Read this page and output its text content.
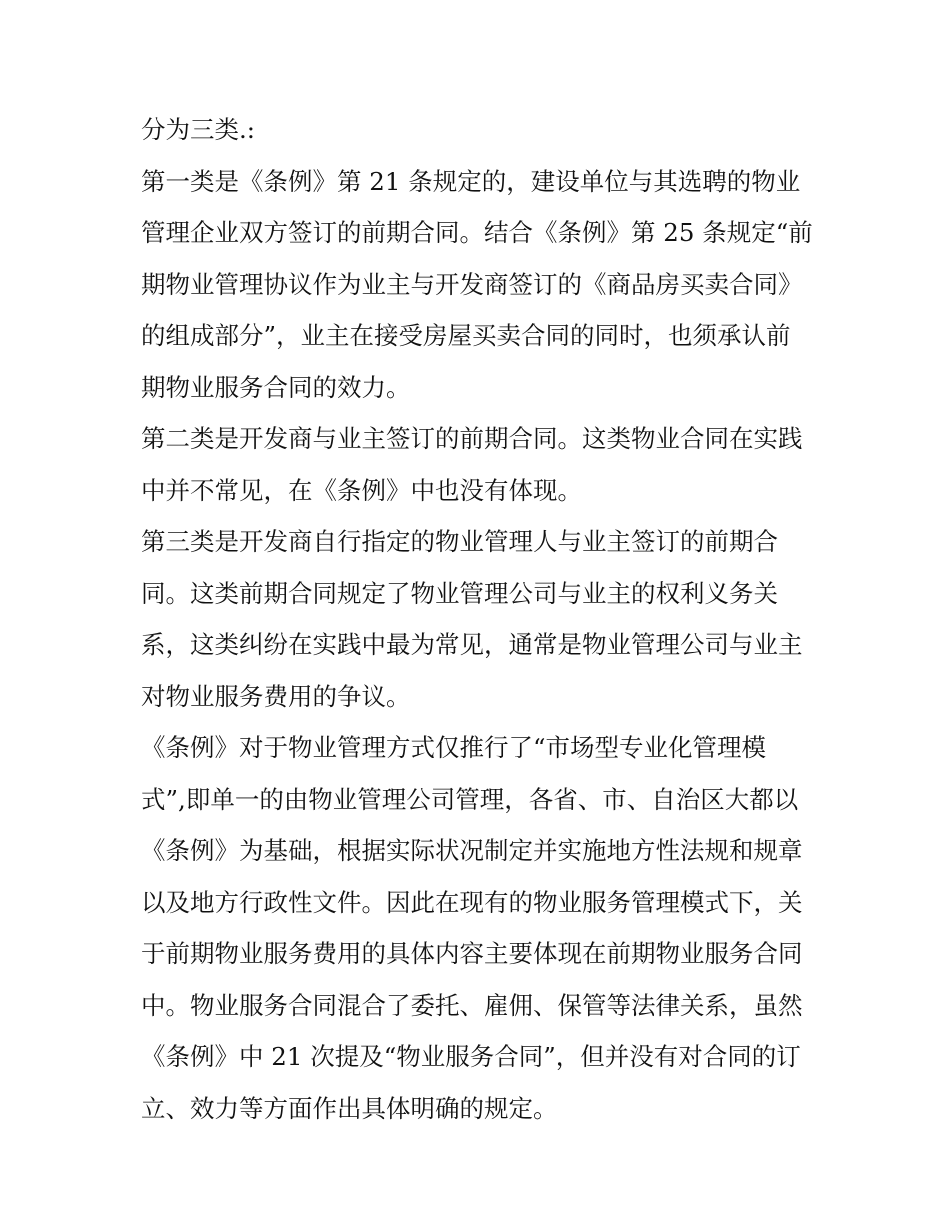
分为三类.:
第一类是《条例》第 21 条规定的，建设单位与其选聘的物业
管理企业双方签订的前期合同。结合《条例》第 25 条规定“前
期物业管理协议作为业主与开发商签订的《商品房买卖合同》
的组成部分”，业主在接受房屋买卖合同的同时，也须承认前
期物业服务合同的效力。
第二类是开发商与业主签订的前期合同。这类物业合同在实践
中并不常见，在《条例》中也没有体现。
第三类是开发商自行指定的物业管理人与业主签订的前期合
同。这类前期合同规定了物业管理公司与业主的权利义务关
系，这类纠纷在实践中最为常见，通常是物业管理公司与业主
对物业服务费用的争议。
《条例》对于物业管理方式仅推行了“市场型专业化管理模
式”,即单一的由物业管理公司管理，各省、市、自治区大都以
《条例》为基础，根据实际状况制定并实施地方性法规和规章
以及地方行政性文件。因此在现有的物业服务管理模式下，关
于前期物业服务费用的具体内容主要体现在前期物业服务合同
中。物业服务合同混合了委托、雇佣、保管等法律关系，虽然
《条例》中 21 次提及“物业服务合同”，但并没有对合同的订
立、效力等方面作出具体明确的规定。
